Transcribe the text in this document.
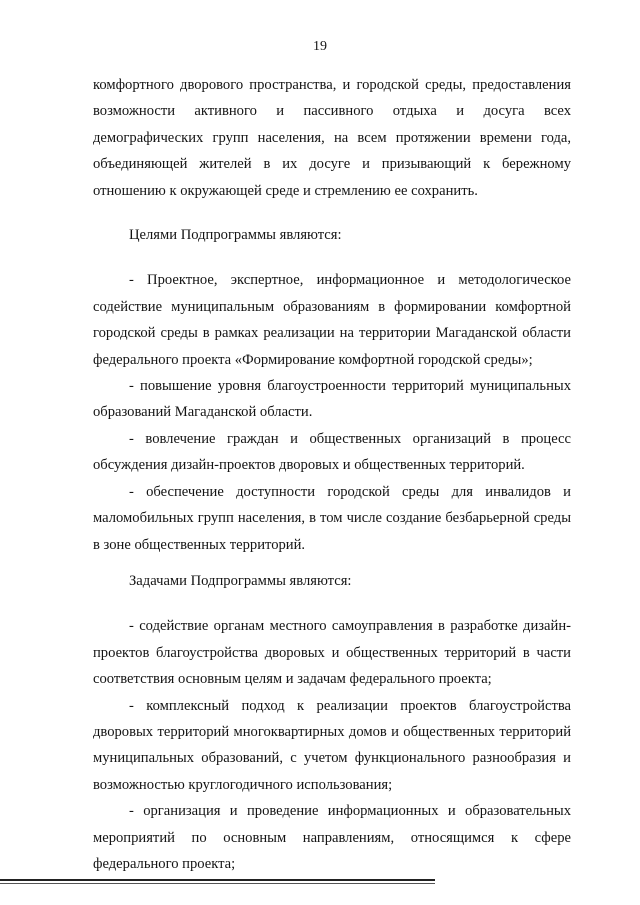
19

комфортного дворового пространства, и городской среды, предоставления возможности активного и пассивного отдыха и досуга всех демографических групп населения, на всем протяжении времени года, объединяющей жителей в их досуге и призывающий к бережному отношению к окружающей среде и стремлению ее сохранить.

Целями Подпрограммы являются:

- Проектное, экспертное, информационное и методологическое содействие муниципальным образованиям в формировании комфортной городской среды в рамках реализации на территории Магаданской области федерального проекта «Формирование комфортной городской среды»;

- повышение уровня благоустроенности территорий муниципальных образований Магаданской области.

- вовлечение граждан и общественных организаций в процесс обсуждения дизайн-проектов дворовых и общественных территорий.

- обеспечение доступности городской среды для инвалидов и маломобильных групп населения, в том числе создание безбарьерной среды в зоне общественных территорий.

Задачами Подпрограммы являются:

- содействие органам местного самоуправления в разработке дизайн-проектов благоустройства дворовых и общественных территорий в части соответствия основным целям и задачам федерального проекта;

- комплексный подход к реализации проектов благоустройства дворовых территорий многоквартирных домов и общественных территорий муниципальных образований, с учетом функционального разнообразия и возможностью круглогодичного использования;

- организация и проведение информационных и образовательных мероприятий по основным направлениям, относящимся к сфере федерального проекта;
